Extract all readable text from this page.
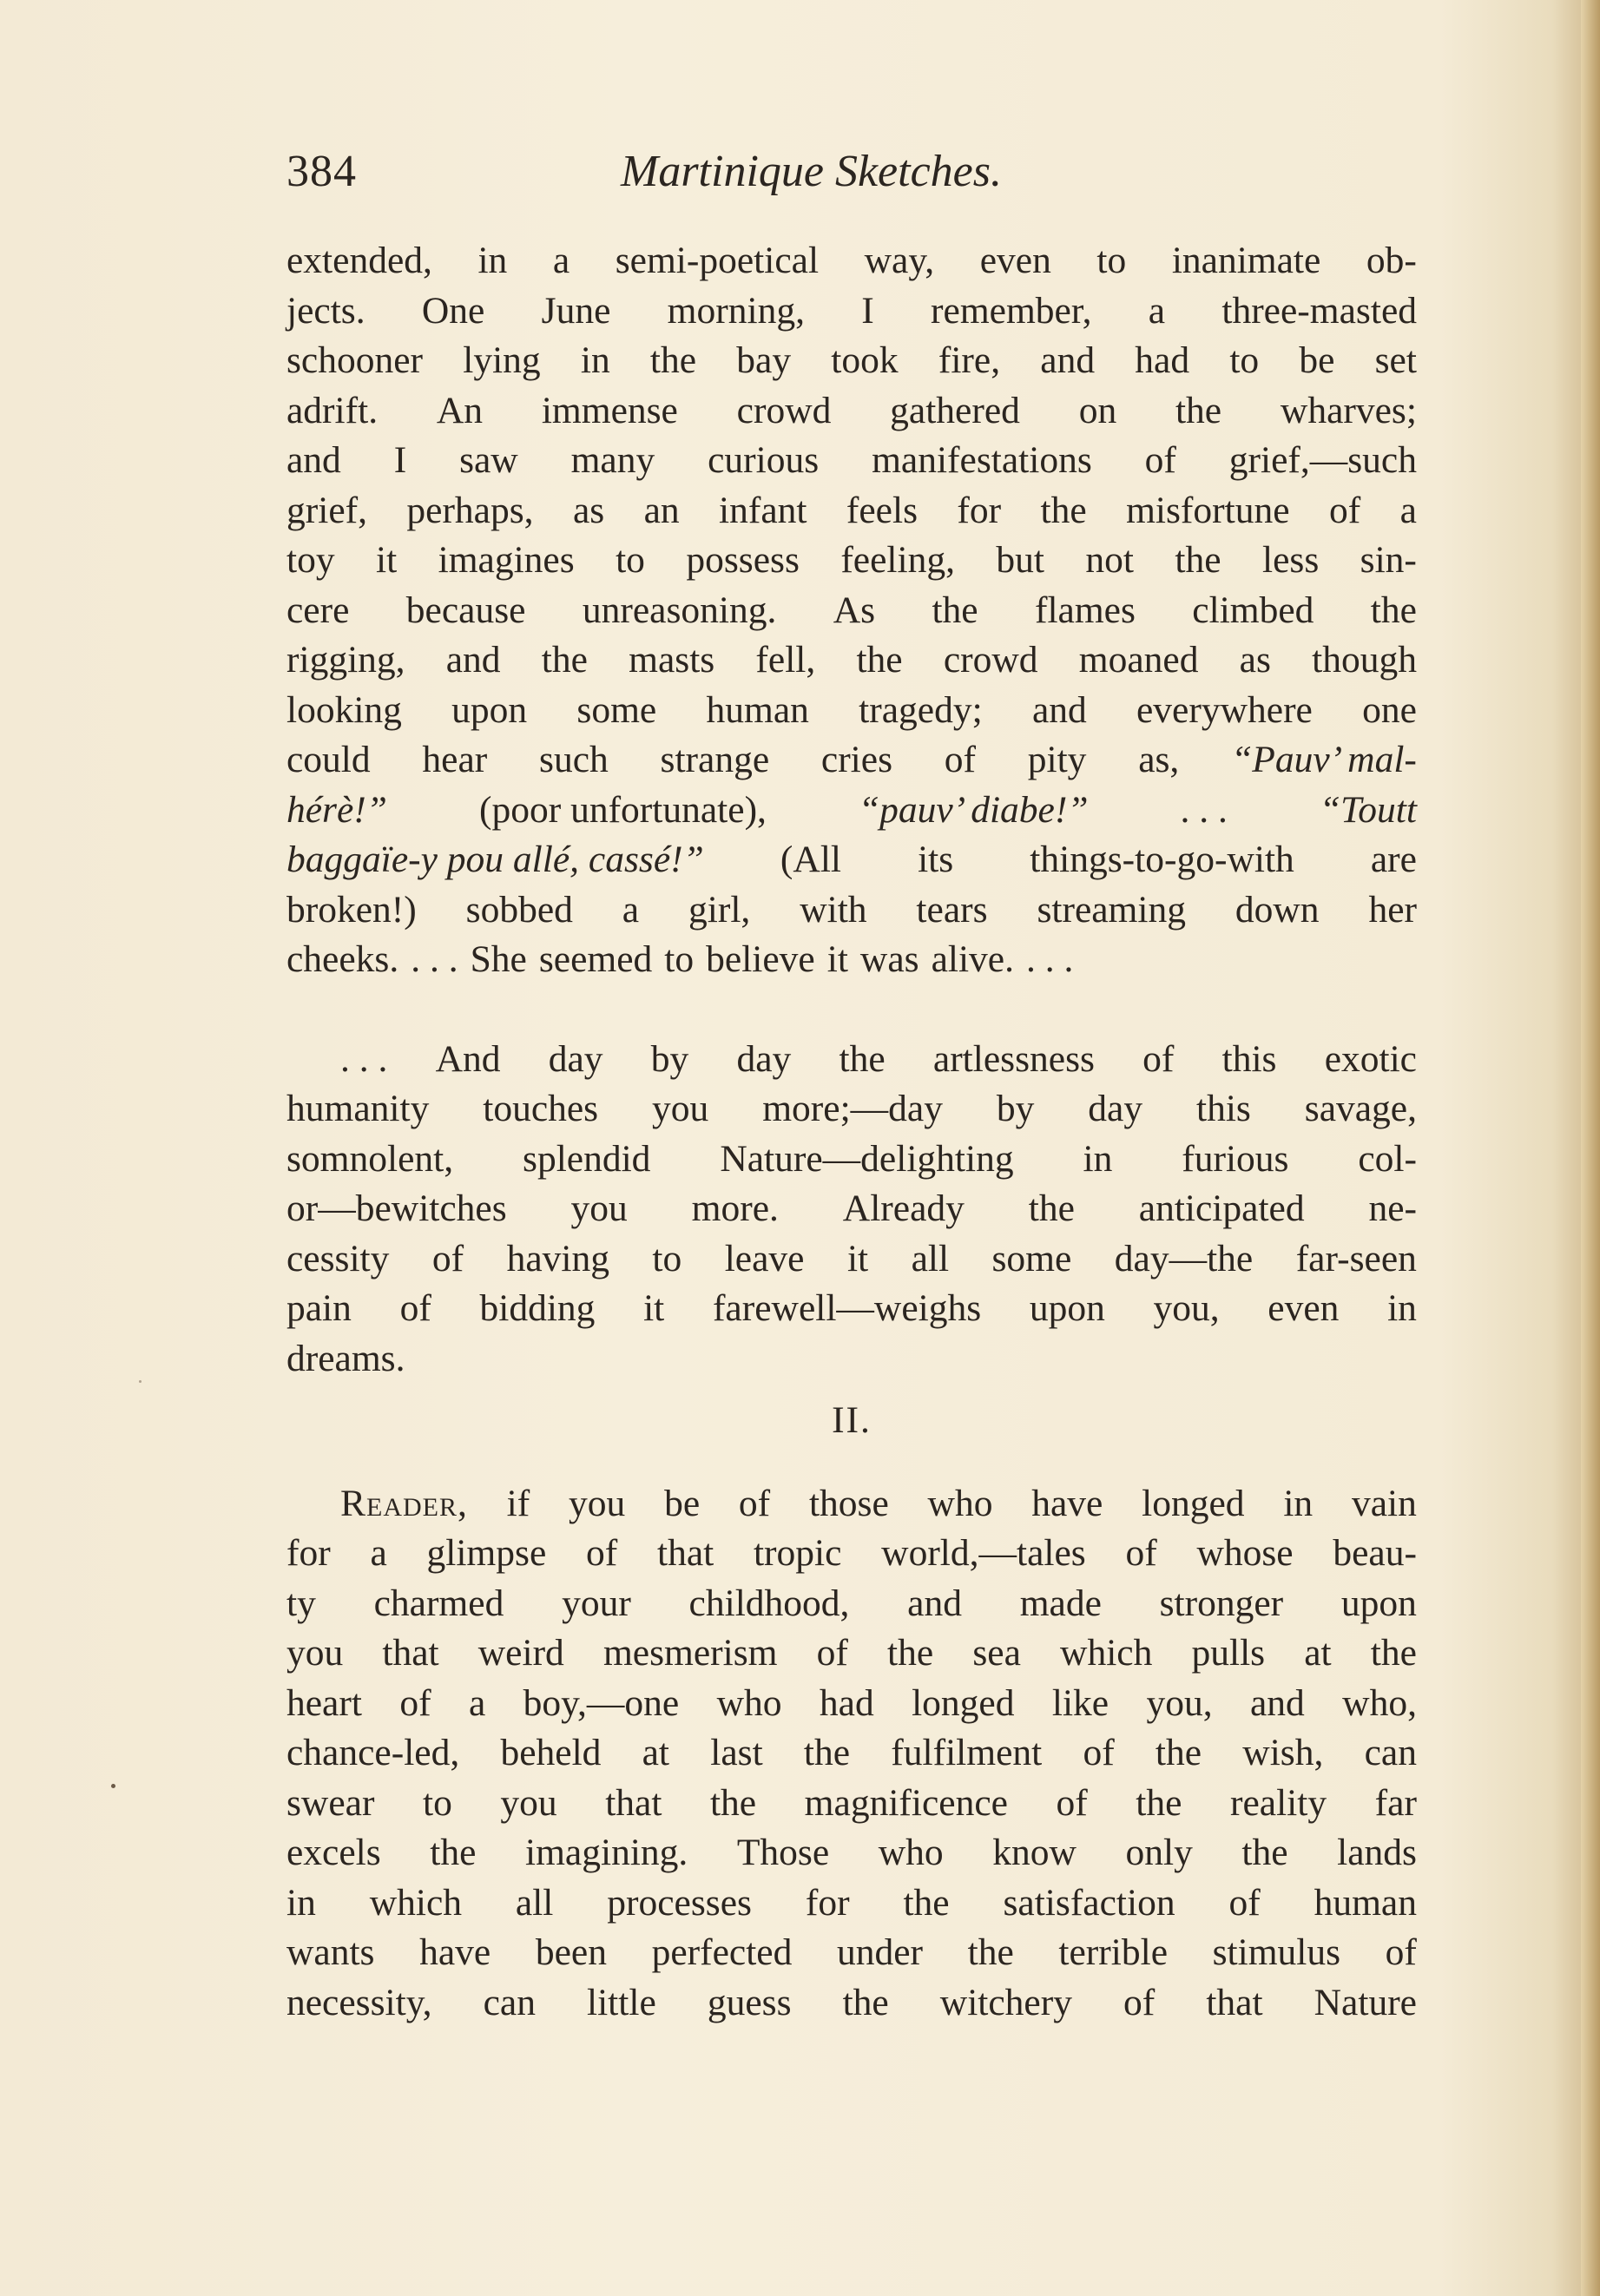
384	Martinique Sketches.
extended, in a semi-poetical way, even to inanimate ob-
jects. One June morning, I remember, a three-masted
schooner lying in the bay took fire, and had to be set
adrift. An immense crowd gathered on the wharves;
and I saw many curious manifestations of grief,—such
grief, perhaps, as an infant feels for the misfortune of a
toy it imagines to possess feeling, but not the less sin-
cere because unreasoning. As the flames climbed the
rigging, and the masts fell, the crowd moaned as though
looking upon some human tragedy; and everywhere one
could hear such strange cries of pity as, “Pauv’ mal-
hérè!” (poor unfortunate), “pauv’ diabe!” . . . “Toutt
baggaïe-y pou allé, cassé!” (All its things-to-go-with are
broken!) sobbed a girl, with tears streaming down her
cheeks. . . . She seemed to believe it was alive. . . .
. . . And day by day the artlessness of this exotic
humanity touches you more;—day by day this savage,
somnolent, splendid Nature—delighting in furious col-
or—bewitches you more. Already the anticipated ne-
cessity of having to leave it all some day—the far-seen
pain of bidding it farewell—weighs upon you, even in
dreams.
II.
Reader, if you be of those who have longed in vain
for a glimpse of that tropic world,—tales of whose beau-
ty charmed your childhood, and made stronger upon
you that weird mesmerism of the sea which pulls at the
heart of a boy,—one who had longed like you, and who,
chance-led, beheld at last the fulfilment of the wish, can
swear to you that the magnificence of the reality far
excels the imagining. Those who know only the lands
in which all processes for the satisfaction of human
wants have been perfected under the terrible stimulus of
necessity, can little guess the witchery of that Nature
